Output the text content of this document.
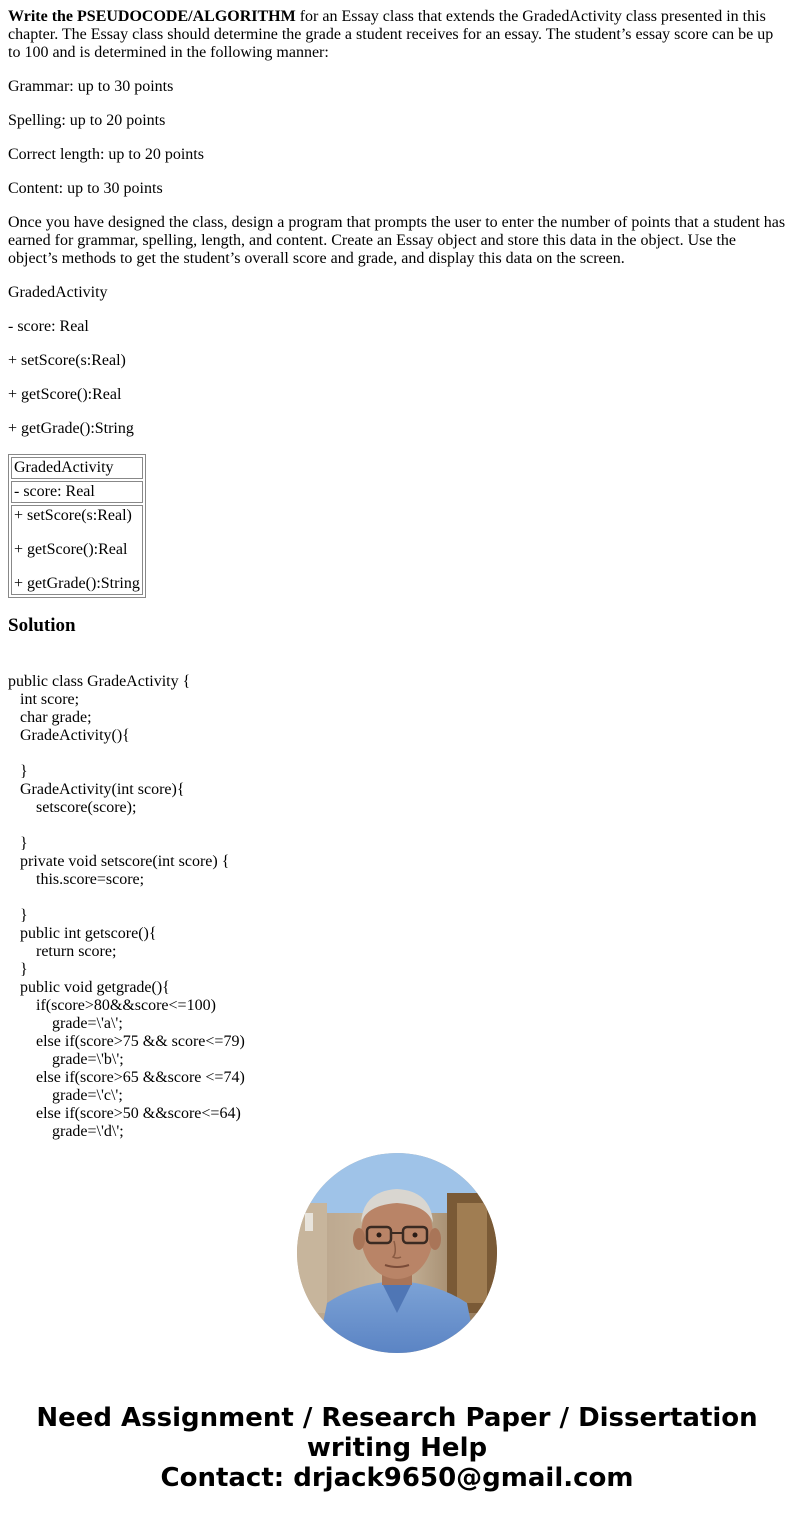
Write the PSEUDOCODE/ALGORITHM for an Essay class that extends the GradedActivity class presented in this chapter. The Essay class should determine the grade a student receives for an essay. The student’s essay score can be up to 100 and is determined in the following manner:

Grammar: up to 30 points

Spelling: up to 20 points

Correct length: up to 20 points

Content: up to 30 points

Once you have designed the class, design a program that prompts the user to enter the number of points that a student has earned for grammar, spelling, length, and content. Create an Essay object and store this data in the object. Use the object’s methods to get the student’s overall score and grade, and display this data on the screen.

GradedActivity

- score: Real

+ setScore(s:Real)

+ getScore():Real

+ getGrade():String

GradedActivity
- score: Real

+ setScore(s:Real)

+ getScore():Real

+ getGrade():String

Solution
public class GradeActivity {
int score;
char grade;
GradeActivity(){
}
GradeActivity(int score){
setscore(score);
}
private void setscore(int score) {
this.score=score;
}
public int getscore(){
return score;
}
public void getgrade(){
if(score>80&&score<=100)
grade=\'a\';
else if(score>75 && score<=79)
grade=\'b\';
else if(score>65 &&score <=74)
grade=\'c\';
else if(score>50 &&score<=64)
grade=\'d\';
Need Assignment / Research Paper / Dissertation
writing Help
Contact: drjack9650@gmail.com
